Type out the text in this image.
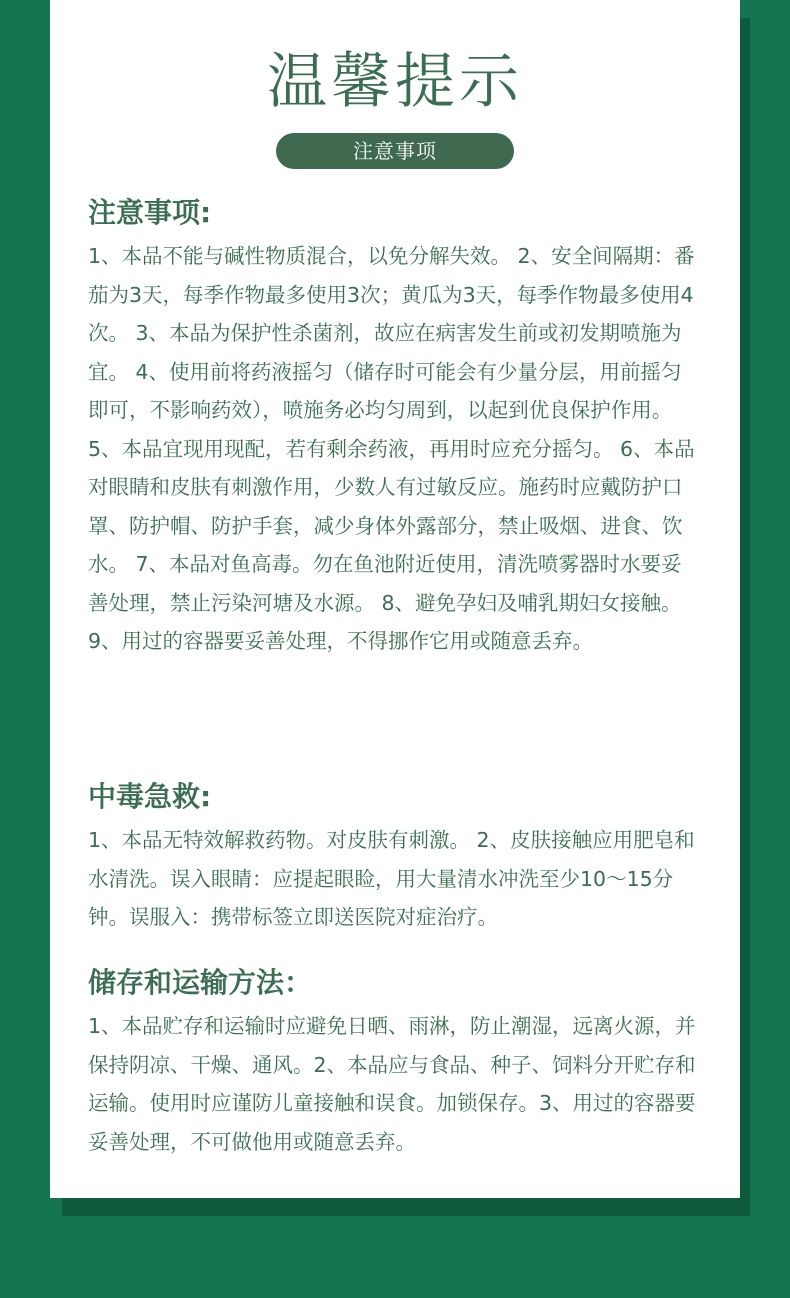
温馨提示
注意事项
注意事项:

1、本品不能与碱性物质混合，以免分解失效。 2、安全间隔期：番茄为3天，每季作物最多使用3次；黄瓜为3天，每季作物最多使用4次。 3、本品为保护性杀菌剂，故应在病害发生前或初发期喷施为宜。 4、使用前将药液摇匀（储存时可能会有少量分层，用前摇匀即可，不影响药效），喷施务必均匀周到，以起到优良保护作用。5、本品宜现用现配，若有剩余药液，再用时应充分摇匀。 6、本品对眼睛和皮肤有刺激作用，少数人有过敏反应。施药时应戴防护口罩、防护帽、防护手套，减少身体外露部分，禁止吸烟、进食、饮水。 7、本品对鱼高毒。勿在鱼池附近使用，清洗喷雾器时水要妥善处理，禁止污染河塘及水源。 8、避免孕妇及哺乳期妇女接触。 9、用过的容器要妥善处理，不得挪作它用或随意丢弃。

中毒急救:

1、本品无特效解救药物。对皮肤有刺激。 2、皮肤接触应用肥皂和水清洗。误入眼睛：应提起眼睑，用大量清水冲洗至少10～15分钟。误服入：携带标签立即送医院对症治疗。

储存和运输方法：

1、本品贮存和运输时应避免日晒、雨淋，防止潮湿，远离火源，并保持阴凉、干燥、通风。2、本品应与食品、种子、饲料分开贮存和运输。使用时应谨防儿童接触和误食。加锁保存。3、用过的容器要妥善处理，不可做他用或随意丢弃。
